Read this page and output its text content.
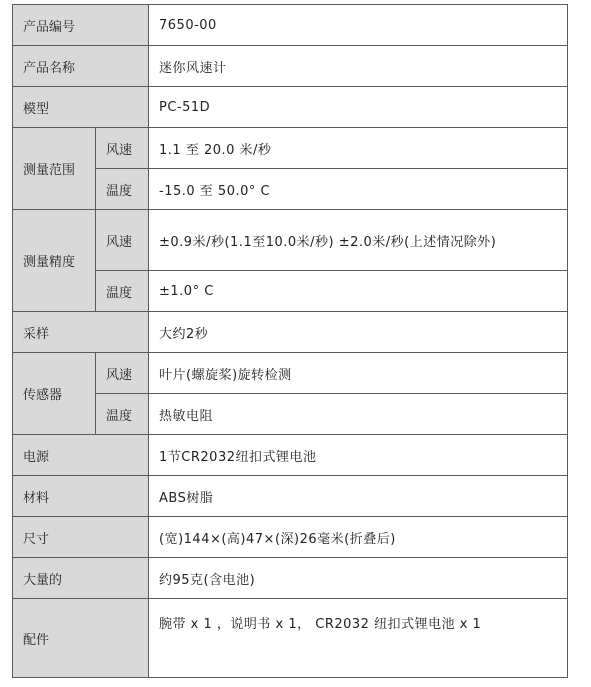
产品编号		7650-00
产品名称		迷你风速计
模型		PC-51D
测量范围	风速	1.1 至 20.0 米/秒
	温度	-15.0 至 50.0° C
测量精度	风速	±0.9米/秒(1.1至10.0米/秒) ±2.0米/秒(上述情况除外)
	温度	±1.0° C
采样		大约2秒
传感器	风速	叶片(螺旋桨)旋转检测
	温度	热敏电阻
电源		1节CR2032纽扣式锂电池
材料		ABS树脂
尺寸		(宽)144×(高)47×(深)26毫米(折叠后)
大量的		约95克(含电池)
配件		腕带 x 1 ，说明书 x 1， CR2032 纽扣式锂电池 x 1
